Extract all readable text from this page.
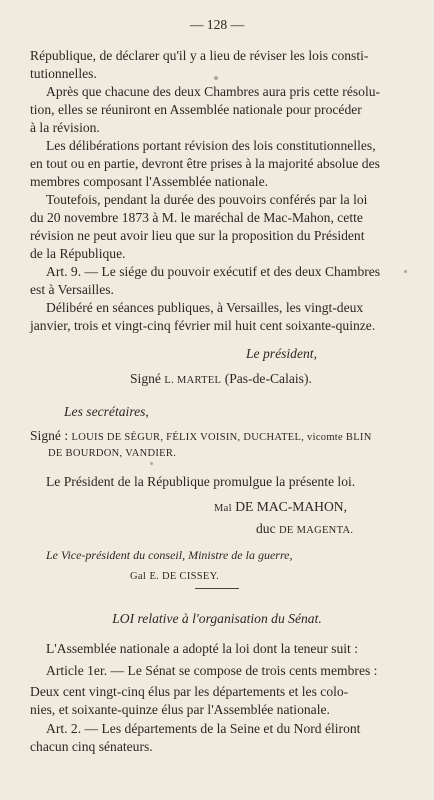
— 128 —
République, de déclarer qu'il y a lieu de réviser les lois consti-
tutionnelles.
Après que chacune des deux Chambres aura pris cette résolu-
tion, elles se réuniront en Assemblée nationale pour procéder
à la révision.
Les délibérations portant révision des lois constitutionnelles,
en tout ou en partie, devront être prises à la majorité absolue des
membres composant l'Assemblée nationale.
Toutefois, pendant la durée des pouvoirs conférés par la loi
du 20 novembre 1873 à M. le maréchal de Mac-Mahon, cette
révision ne peut avoir lieu que sur la proposition du Président
de la République.
Art. 9. — Le siége du pouvoir exécutif et des deux Chambres
est à Versailles.
Délibéré en séances publiques, à Versailles, les vingt-deux
janvier, trois et vingt-cinq février mil huit cent soixante-quinze.
Le président,
Signé L. MARTEL (Pas-de-Calais).
Les secrétaires,
Signé : LOUIS DE SÉGUR, FÉLIX VOISIN, DUCHATEL, vicomte BLIN
DE BOURDON, VANDIER.
Le Président de la République promulgue la présente loi.
Mal DE MAC-MAHON,
duc DE MAGENTA.
Le Vice-président du conseil, Ministre de la guerre,
Gal E. DE CISSEY.
LOI relative à l'organisation du Sénat.
L'Assemblée nationale a adopté la loi dont la teneur suit :
Article 1er. — Le Sénat se compose de trois cents membres :
Deux cent vingt-cinq élus par les départements et les colo-
nies, et soixante-quinze élus par l'Assemblée nationale.
Art. 2. — Les départements de la Seine et du Nord éliront
chacun cinq sénateurs.
